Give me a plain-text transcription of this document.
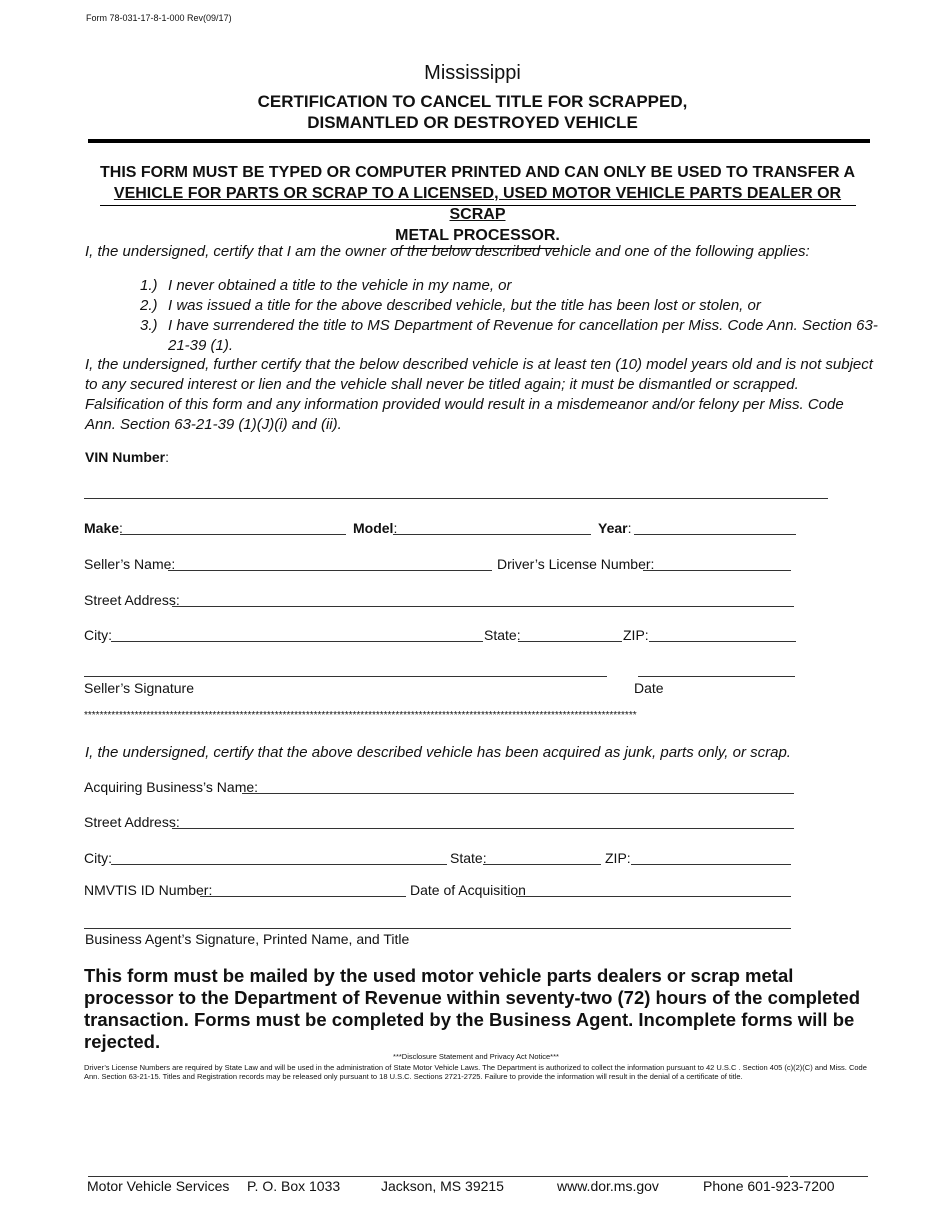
Form 78-031-17-8-1-000 Rev(09/17)
Mississippi
CERTIFICATION TO CANCEL TITLE FOR SCRAPPED,
DISMANTLED OR DESTROYED VEHICLE
THIS FORM MUST BE TYPED OR COMPUTER PRINTED AND CAN ONLY BE USED TO TRANSFER A
VEHICLE FOR PARTS OR SCRAP TO A LICENSED, USED MOTOR VEHICLE PARTS DEALER OR SCRAP
METAL PROCESSOR.
I, the undersigned, certify that I am the owner of the below described vehicle and one of the following applies:
1.) I never obtained a title to the vehicle in my name, or
2.) I was issued a title for the above described vehicle, but the title has been lost or stolen, or
3.) I have surrendered the title to MS Department of Revenue for cancellation per Miss. Code Ann. Section 63-21-39 (1).
I, the undersigned, further certify that the below described vehicle is at least ten (10) model years old and is not subject to any secured interest or lien and the vehicle shall never be titled again; it must be dismantled or scrapped. Falsification of this form and any information provided would result in a misdemeanor and/or felony per Miss. Code Ann. Section 63-21-39 (1)(J)(i) and (ii).
VIN Number:
Make:	Model:	Year:
Seller’s Name:	Driver’s License Number:
Street Address:
City:	State:	ZIP:
Seller’s Signature	Date
**********************************************************************************************************************************************
I, the undersigned, certify that the above described vehicle has been acquired as junk, parts only, or scrap.
Acquiring Business’s Name:
Street Address:
City:	State:	ZIP:
NMVTIS ID Number:	Date of Acquisition
Business Agent’s Signature, Printed Name, and Title
This form must be mailed by the used motor vehicle parts dealers or scrap metal processor to the Department of Revenue within seventy-two (72) hours of the completed transaction. Forms must be completed by the Business Agent. Incomplete forms will be rejected.
***Disclosure Statement and Privacy Act Notice***
Driver’s License Numbers are required by State Law and will be used in the administration of State Motor Vehicle Laws. The Department is authorized to collect the information pursuant to 42 U.S.C . Section 405 (c)(2)(C) and Miss. Code Ann. Section 63-21-15. Titles and Registration records may be released only pursuant to 18 U.S.C. Sections 2721-2725. Failure to provide the information will result in the denial of a certificate of title.
Motor Vehicle Services P. O. Box 1033	Jackson, MS 39215	www.dor.ms.gov	Phone 601-923-7200
